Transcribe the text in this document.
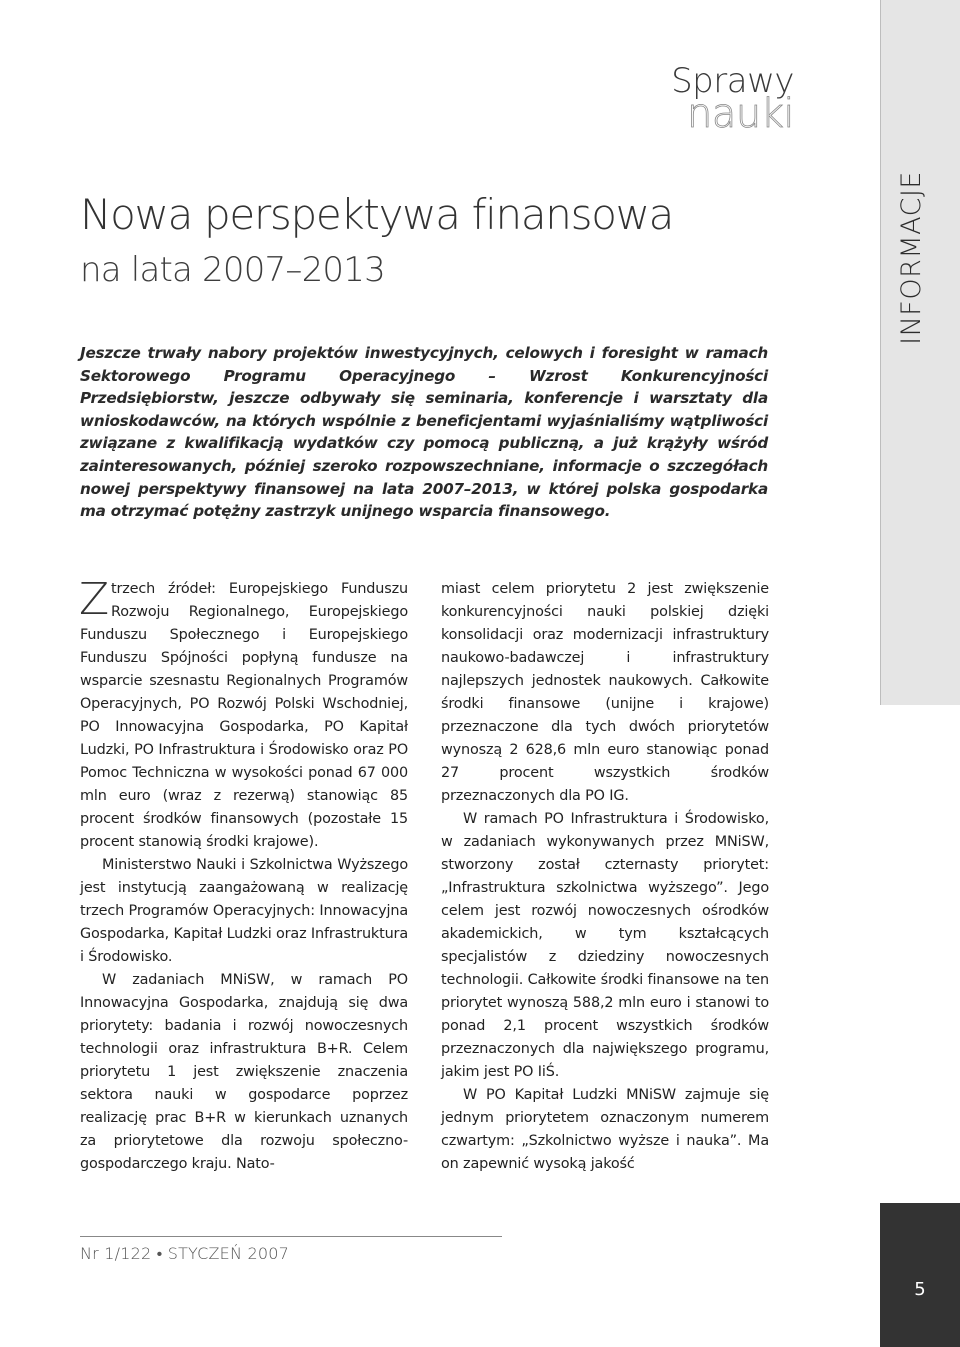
INFORMACJE
Sprawy
nauki
Nowa perspektywa finansowa
na lata 2007–2013

Jeszcze trwały nabory projektów inwestycyjnych, celowych i foresight w ramach Sektorowego Programu Operacyjnego – Wzrost Konkurencyjności Przedsiębiorstw, jeszcze odbywały się seminaria, konferencje i warsztaty dla wnioskodawców, na których wspólnie z beneficjentami wyjaśnialiśmy wątpliwości związane z kwalifikacją wydatków czy pomocą publiczną, a już krążyły wśród zainteresowanych, później szeroko rozpowszechniane, informacje o szczegółach nowej perspektywy finansowej na lata 2007–2013, w której polska gospodarka ma otrzymać potężny zastrzyk unijnego wsparcia finansowego.

Ztrzech źródeł: Europejskiego Funduszu Rozwoju Regionalnego, Europejskiego Funduszu Społecznego i Europejskiego Funduszu Spójności popłyną fundusze na wsparcie szesnastu Regionalnych Programów Operacyjnych, PO Rozwój Polski Wschodniej, PO Innowacyjna Gospodarka, PO Kapitał Ludzki, PO Infrastruktura i Środowisko oraz PO Pomoc Techniczna w wysokości ponad 67 000 mln euro (wraz z rezerwą) stanowiąc 85 procent środków finansowych (pozostałe 15 procent stanowią środki krajowe).

Ministerstwo Nauki i Szkolnictwa Wyższego jest instytucją zaangażowaną w realizację trzech Programów Operacyjnych: Innowacyjna Gospodarka, Kapitał Ludzki oraz Infrastruktura i Środowisko.

W zadaniach MNiSW, w ramach PO Innowacyjna Gospodarka, znajdują się dwa priorytety: badania i rozwój nowoczesnych technologii oraz infrastruktura B+R. Celem priorytetu 1 jest zwiększenie znaczenia sektora nauki w gospodarce poprzez realizację prac B+R w kierunkach uznanych za priorytetowe dla rozwoju społeczno-gospodarczego kraju. Nato-

miast celem priorytetu 2 jest zwiększenie konkurencyjności nauki polskiej dzięki konsolidacji oraz modernizacji infrastruktury naukowo-badawczej i infrastruktury najlepszych jednostek naukowych. Całkowite środki finansowe (unijne i krajowe) przeznaczone dla tych dwóch priorytetów wynoszą 2 628,6 mln euro stanowiąc ponad 27 procent wszystkich środków przeznaczonych dla PO IG.

W ramach PO Infrastruktura i Środowisko, w zadaniach wykonywanych przez MNiSW, stworzony został czternasty priorytet: „Infrastruktura szkolnictwa wyższego”. Jego celem jest rozwój nowoczesnych ośrodków akademickich, w tym kształcących specjalistów z dziedziny nowoczesnych technologii. Całkowite środki finansowe na ten priorytet wynoszą 588,2 mln euro i stanowi to ponad 2,1 procent wszystkich środków przeznaczonych dla największego programu, jakim jest PO IiŚ.

W PO Kapitał Ludzki MNiSW zajmuje się jednym priorytetem oznaczonym numerem czwartym: „Szkolnictwo wyższe i nauka”. Ma on zapewnić wysoką jakość

Nr 1/122 • STYCZEŃ 2007
5
